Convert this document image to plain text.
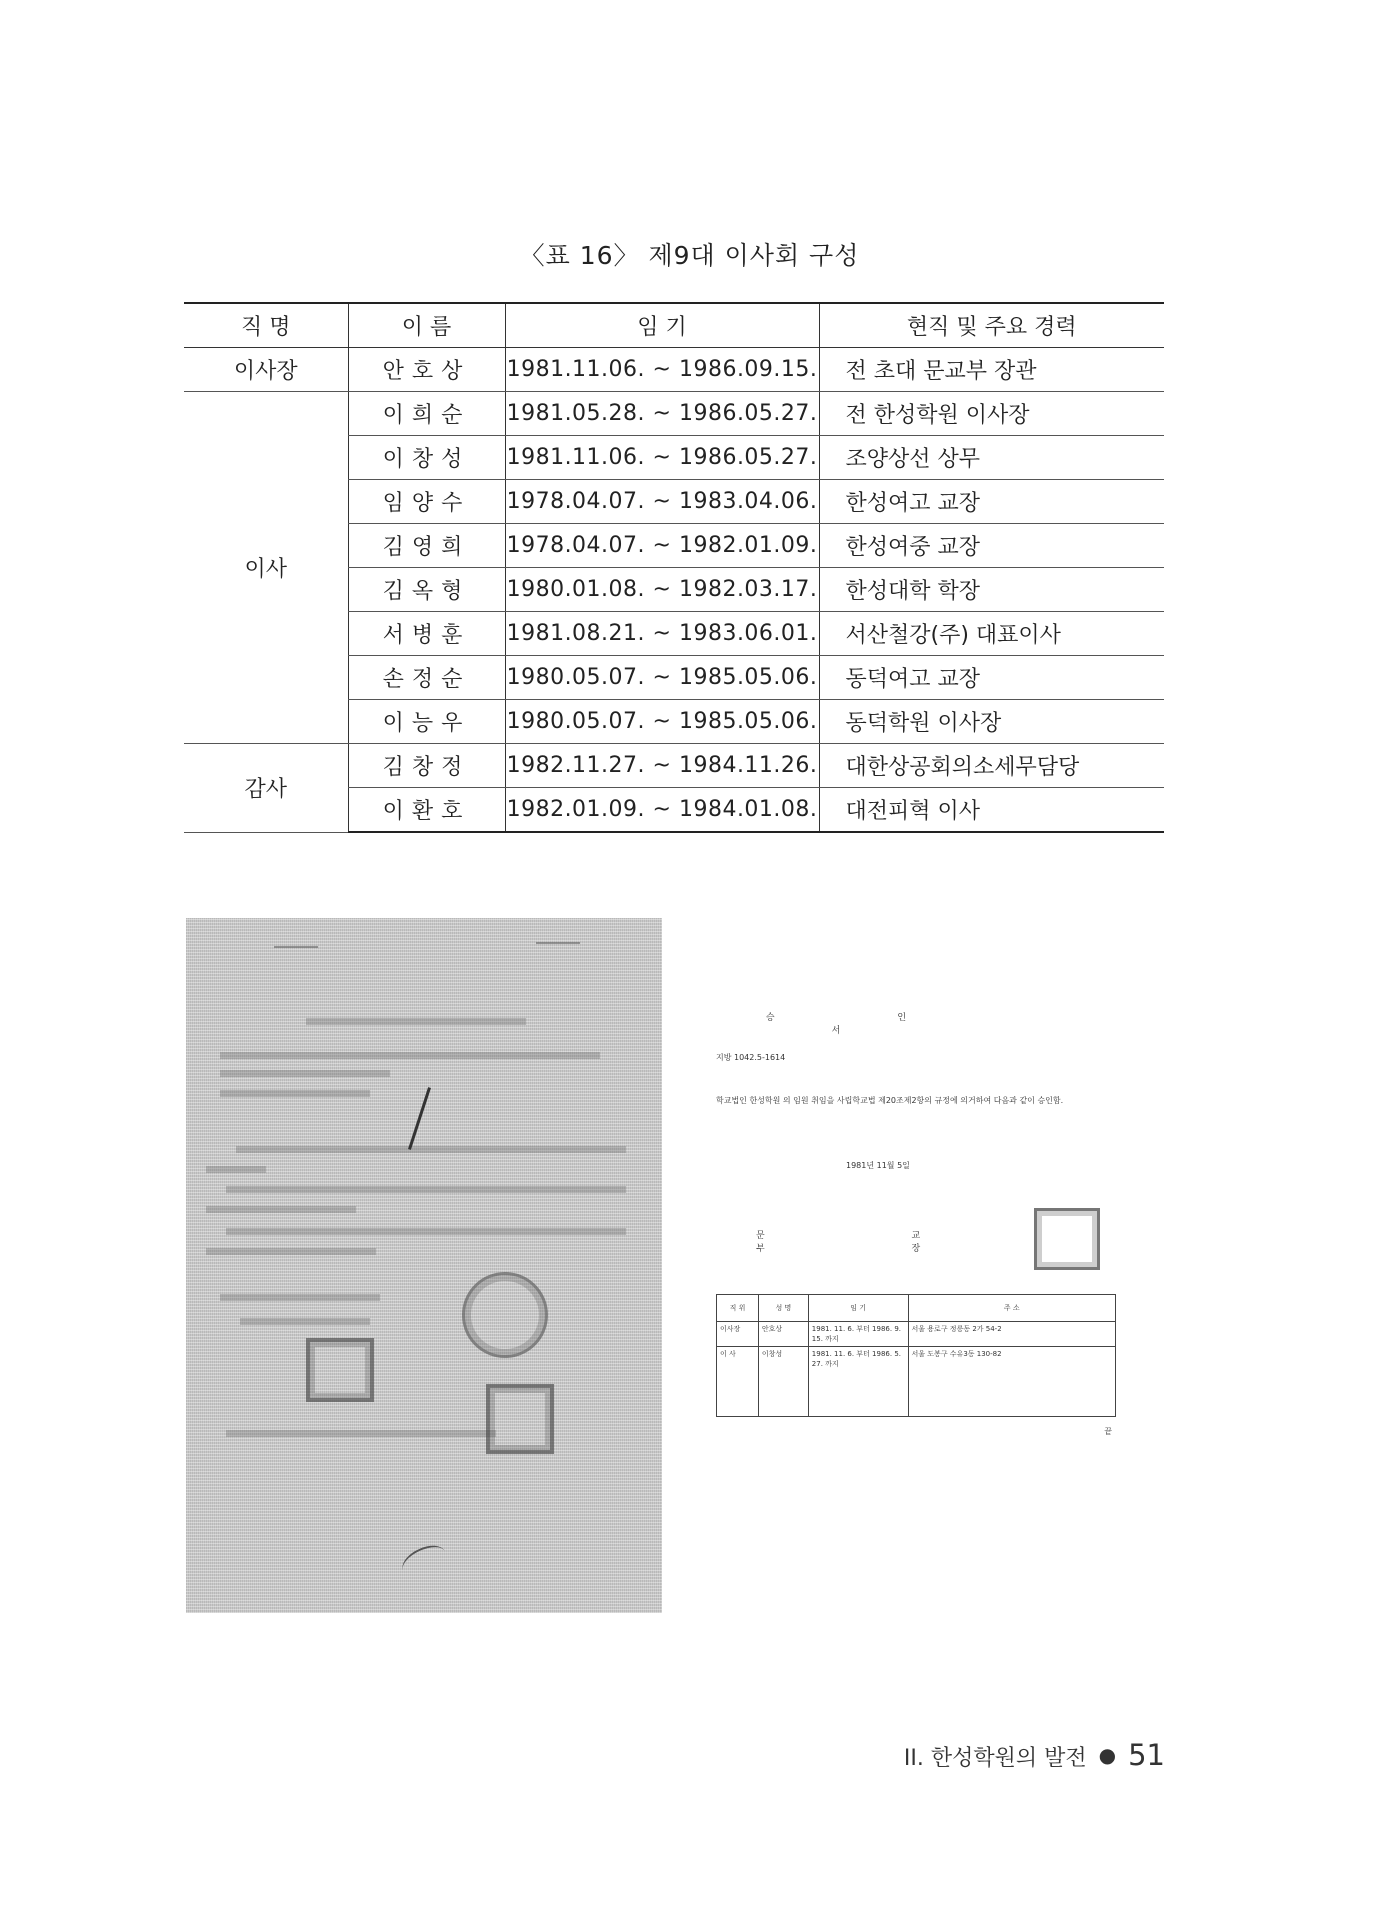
〈표 16〉 제9대 이사회 구성
직 명	이 름	임 기	현직 및 주요 경력
이사장	안호상	1981.11.06. ~ 1986.09.15.	전 초대 문교부 장관
이사	이희순	1981.05.28. ~ 1986.05.27.	전 한성학원 이사장
	이창성	1981.11.06. ~ 1986.05.27.	조양상선 상무
	임양수	1978.04.07. ~ 1983.04.06.	한성여고 교장
	김영희	1978.04.07. ~ 1982.01.09.	한성여중 교장
	김옥형	1980.01.08. ~ 1982.03.17.	한성대학 학장
	서병훈	1981.08.21. ~ 1983.06.01.	서산철강(주) 대표이사
	손정순	1980.05.07. ~ 1985.05.06.	동덕여고 교장
	이능우	1980.05.07. ~ 1985.05.06.	동덕학원 이사장
감사	김창정	1982.11.27. ~ 1984.11.26.	대한상공회의소세무담당
	이환호	1982.01.09. ~ 1984.01.08.	대전피혁 이사
승 인 서
지방 1042.5-1614
학교법인 한성학원 의 임원 취임을 사립학교법 제20조제2항의 규정에 의거하여 다음과 같이 승인함.
1981년 11월 5일
문 교 부 장
직 위	성 명	임 기	주 소
이사장	안호상	1981. 11. 6. 부터 1986. 9. 15. 까지	서울 용로구 정릉동 2가 54-2
이 사	이창성	1981. 11. 6. 부터 1986. 5. 27. 까지	서울 도봉구 수유3동 130-82
끝
II. 한성학원의 발전 ● 51
